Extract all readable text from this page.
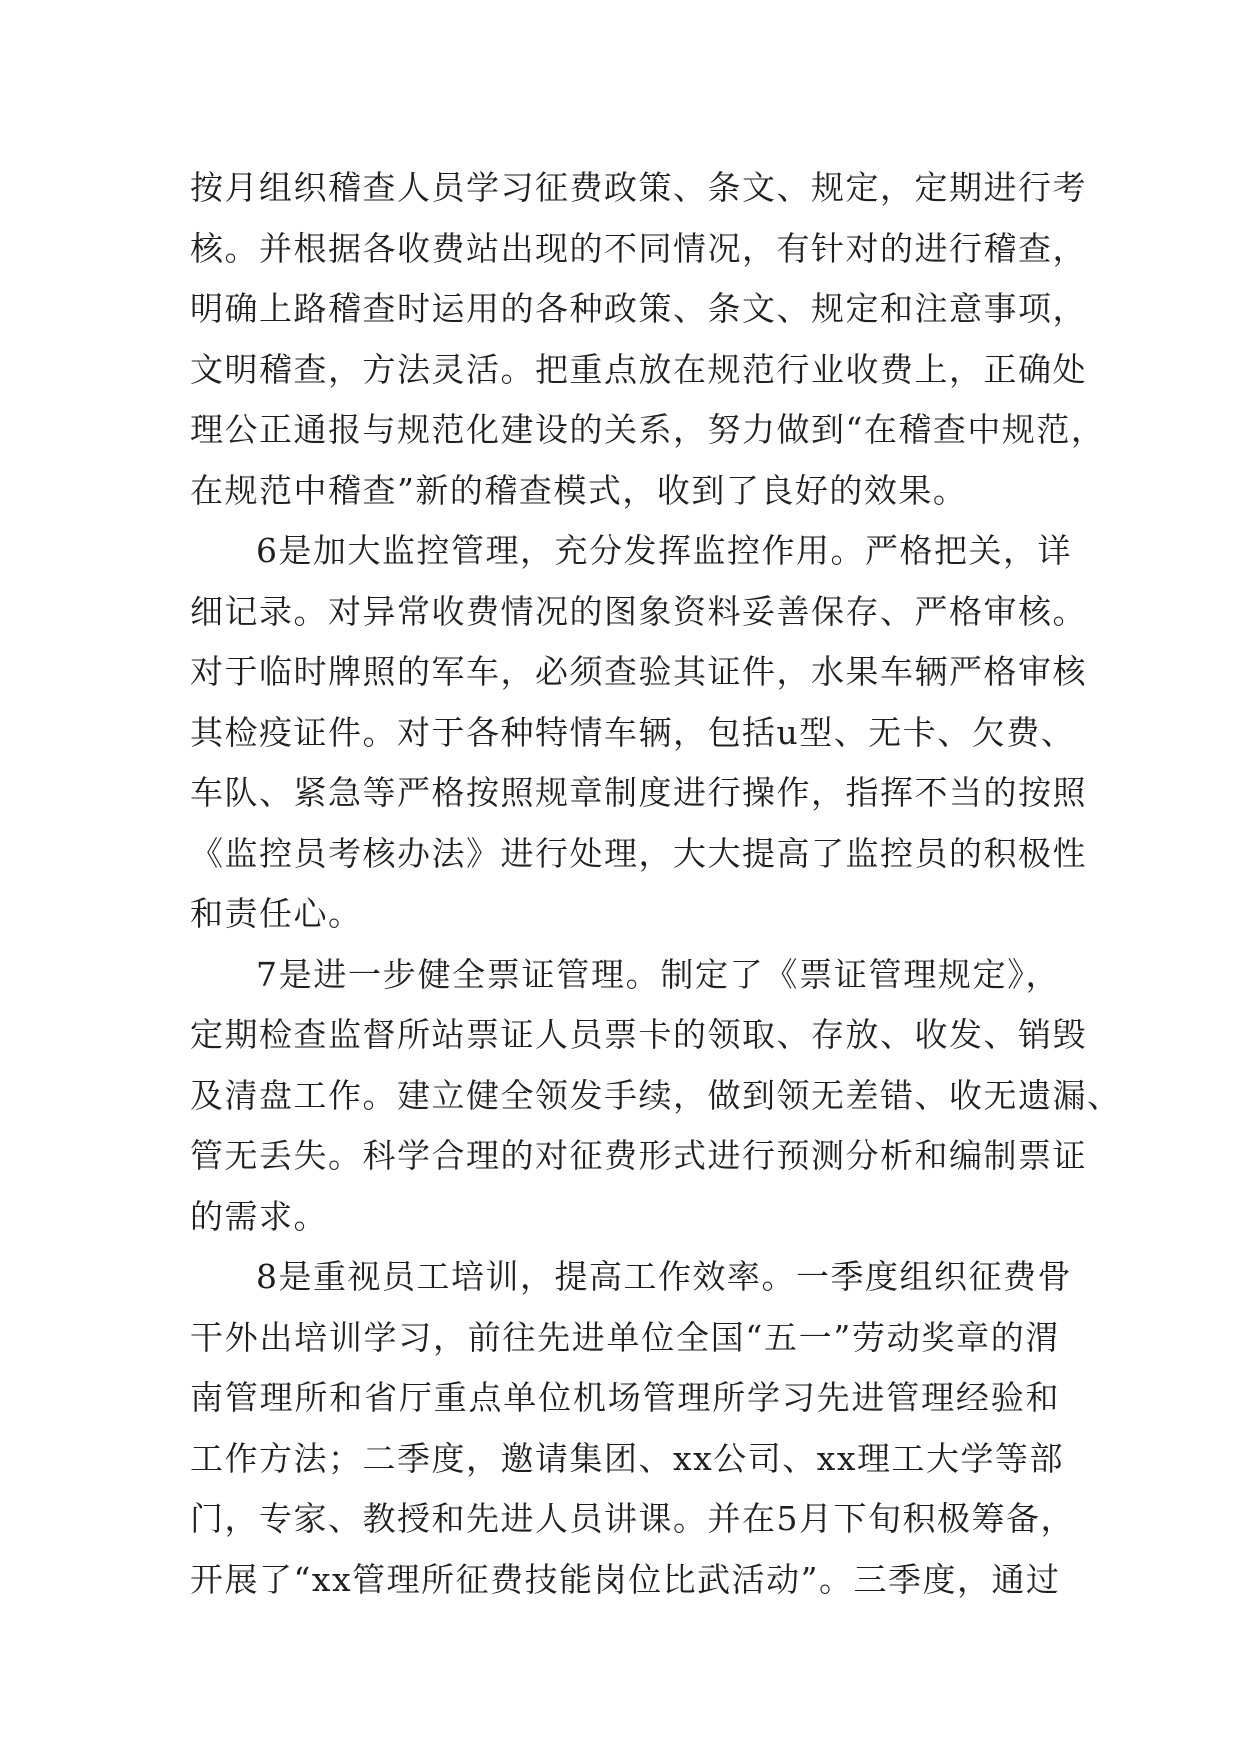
按月组织稽查人员学习征费政策、条文、规定，定期进行考
核。并根据各收费站出现的不同情况，有针对的进行稽查，
明确上路稽查时运用的各种政策、条文、规定和注意事项，
文明稽查，方法灵活。把重点放在规范行业收费上，正确处
理公正通报与规范化建设的关系，努力做到“在稽查中规范，
在规范中稽查”新的稽查模式，收到了良好的效果。
6是加大监控管理，充分发挥监控作用。严格把关，详
细记录。对异常收费情况的图象资料妥善保存、严格审核。
对于临时牌照的军车，必须查验其证件，水果车辆严格审核
其检疫证件。对于各种特情车辆，包括u型、无卡、欠费、
车队、紧急等严格按照规章制度进行操作，指挥不当的按照
《监控员考核办法》进行处理，大大提高了监控员的积极性
和责任心。
7是进一步健全票证管理。制定了《票证管理规定》，
定期检查监督所站票证人员票卡的领取、存放、收发、销毁
及清盘工作。建立健全领发手续，做到领无差错、收无遗漏、
管无丢失。科学合理的对征费形式进行预测分析和编制票证
的需求。
8是重视员工培训，提高工作效率。一季度组织征费骨
干外出培训学习，前往先进单位全国“五一”劳动奖章的渭
南管理所和省厅重点单位机场管理所学习先进管理经验和
工作方法；二季度，邀请集团、xx公司、xx理工大学等部
门，专家、教授和先进人员讲课。并在5月下旬积极筹备，
开展了“xx管理所征费技能岗位比武活动”。三季度，通过
